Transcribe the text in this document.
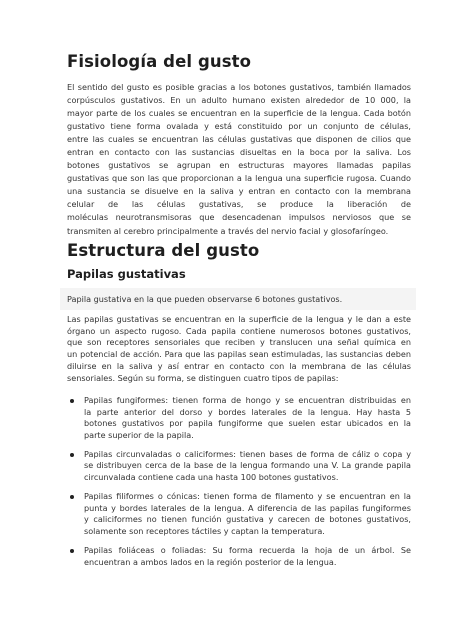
Fisiología del gusto
El sentido del gusto es posible gracias a los botones gustativos, también llamados
corpúsculos gustativos. En un adulto humano existen alrededor de 10 000, la
mayor parte de los cuales se encuentran en la superficie de la lengua. Cada botón
gustativo tiene forma ovalada y está constituido por un conjunto de células,
entre las cuales se encuentran las células gustativas que disponen de cilios que
entran en contacto con las sustancias disueltas en la boca por la saliva. Los
botones gustativos se agrupan en estructuras mayores llamadas papilas
gustativas que son las que proporcionan a la lengua una superficie rugosa. Cuando
una sustancia se disuelve en la saliva y entran en contacto con la membrana
celular de las células gustativas, se produce la liberación de
moléculas neurotransmisoras que desencadenan impulsos nerviosos que se
transmiten al cerebro principalmente a través del nervio facial y glosofaríngeo.
Estructura del gusto
Papilas gustativas
Papila gustativa en la que pueden observarse 6 botones gustativos.
Las papilas gustativas se encuentran en la superficie de la lengua y le dan a este
órgano un aspecto rugoso. Cada papila contiene numerosos botones gustativos,
que son receptores sensoriales que reciben y translucen una señal química en
un potencial de acción. Para que las papilas sean estimuladas, las sustancias deben
diluirse en la saliva y así entrar en contacto con la membrana de las células
sensoriales. Según su forma, se distinguen cuatro tipos de papilas:
Papilas fungiformes: tienen forma de hongo y se encuentran distribuidas en
la parte anterior del dorso y bordes laterales de la lengua. Hay hasta 5
botones gustativos por papila fungiforme que suelen estar ubicados en la
parte superior de la papila.
Papilas circunvaladas o caliciformes: tienen bases de forma de cáliz o copa y
se distribuyen cerca de la base de la lengua formando una V. La grande papila
circunvalada contiene cada una hasta 100 botones gustativos.
Papilas filiformes o cónicas: tienen forma de filamento y se encuentran en la
punta y bordes laterales de la lengua. A diferencia de las papilas fungiformes
y caliciformes no tienen función gustativa y carecen de botones gustativos,
solamente son receptores táctiles y captan la temperatura.
Papilas foliáceas o foliadas: Su forma recuerda la hoja de un árbol. Se
encuentran a ambos lados en la región posterior de la lengua.
